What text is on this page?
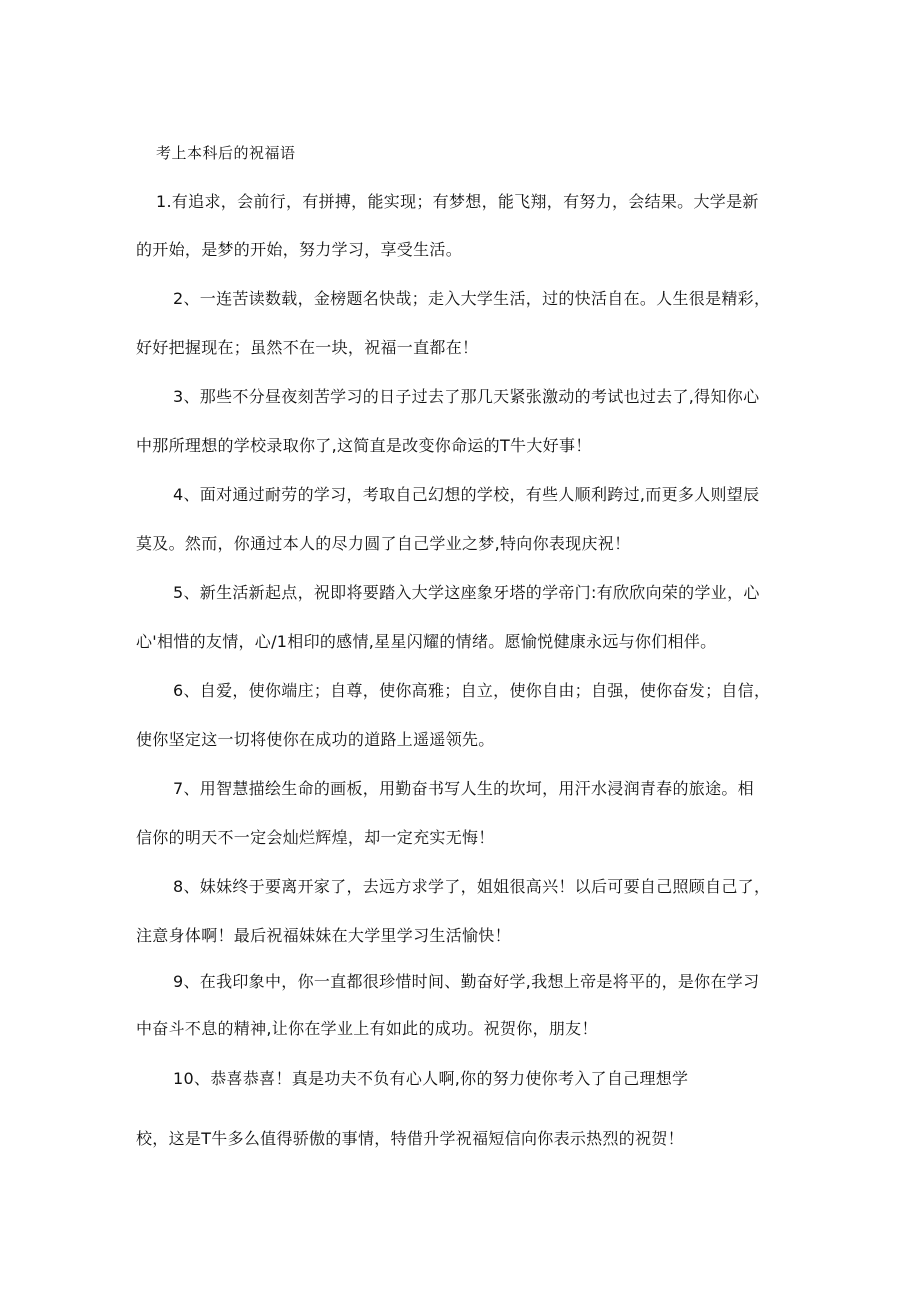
考上本科后的祝福语
1.有追求，会前行，有拼搏，能实现；有梦想，能飞翔，有努力，会结果。大学是新
的开始，是梦的开始，努力学习，享受生活。
2、一连苦读数载，金榜题名快哉；走入大学生活，过的快活自在。人生很是精彩，
好好把握现在；虽然不在一块，祝福一直都在！
3、那些不分昼夜刻苦学习的日子过去了那几天紧张激动的考试也过去了,得知你心
中那所理想的学校录取你了,这简直是改变你命运的T牛大好事！
4、面对通过耐劳的学习，考取自己幻想的学校，有些人顺利跨过,而更多人则望辰
莫及。然而，你通过本人的尽力圆了自己学业之梦,特向你表现庆祝！
5、新生活新起点，祝即将要踏入大学这座象牙塔的学帝门:有欣欣向荣的学业，心
心'相惜的友情，心/1相印的感情,星星闪耀的情绪。愿愉悦健康永远与你们相伴。
6、自爱，使你端庄；自尊，使你高雅；自立，使你自由；自强，使你奋发；自信，
使你坚定这一切将使你在成功的道路上遥遥领先。
7、用智慧描绘生命的画板，用勤奋书写人生的坎坷，用汗水浸润青春的旅途。相
信你的明天不一定会灿烂辉煌，却一定充实无悔！
8、妹妹终于要离开家了，去远方求学了，姐姐很高兴！以后可要自己照顾自己了，
注意身体啊！最后祝福妹妹在大学里学习生活愉快！
9、在我印象中，你一直都很珍惜时间、勤奋好学,我想上帝是将平的，是你在学习
中奋斗不息的精神,让你在学业上有如此的成功。祝贺你，朋友！
10、恭喜恭喜！真是功夫不负有心人啊,你的努力使你考入了自己理想学
校，这是T牛多么值得骄傲的事情，特借升学祝福短信向你表示热烈的祝贺！
